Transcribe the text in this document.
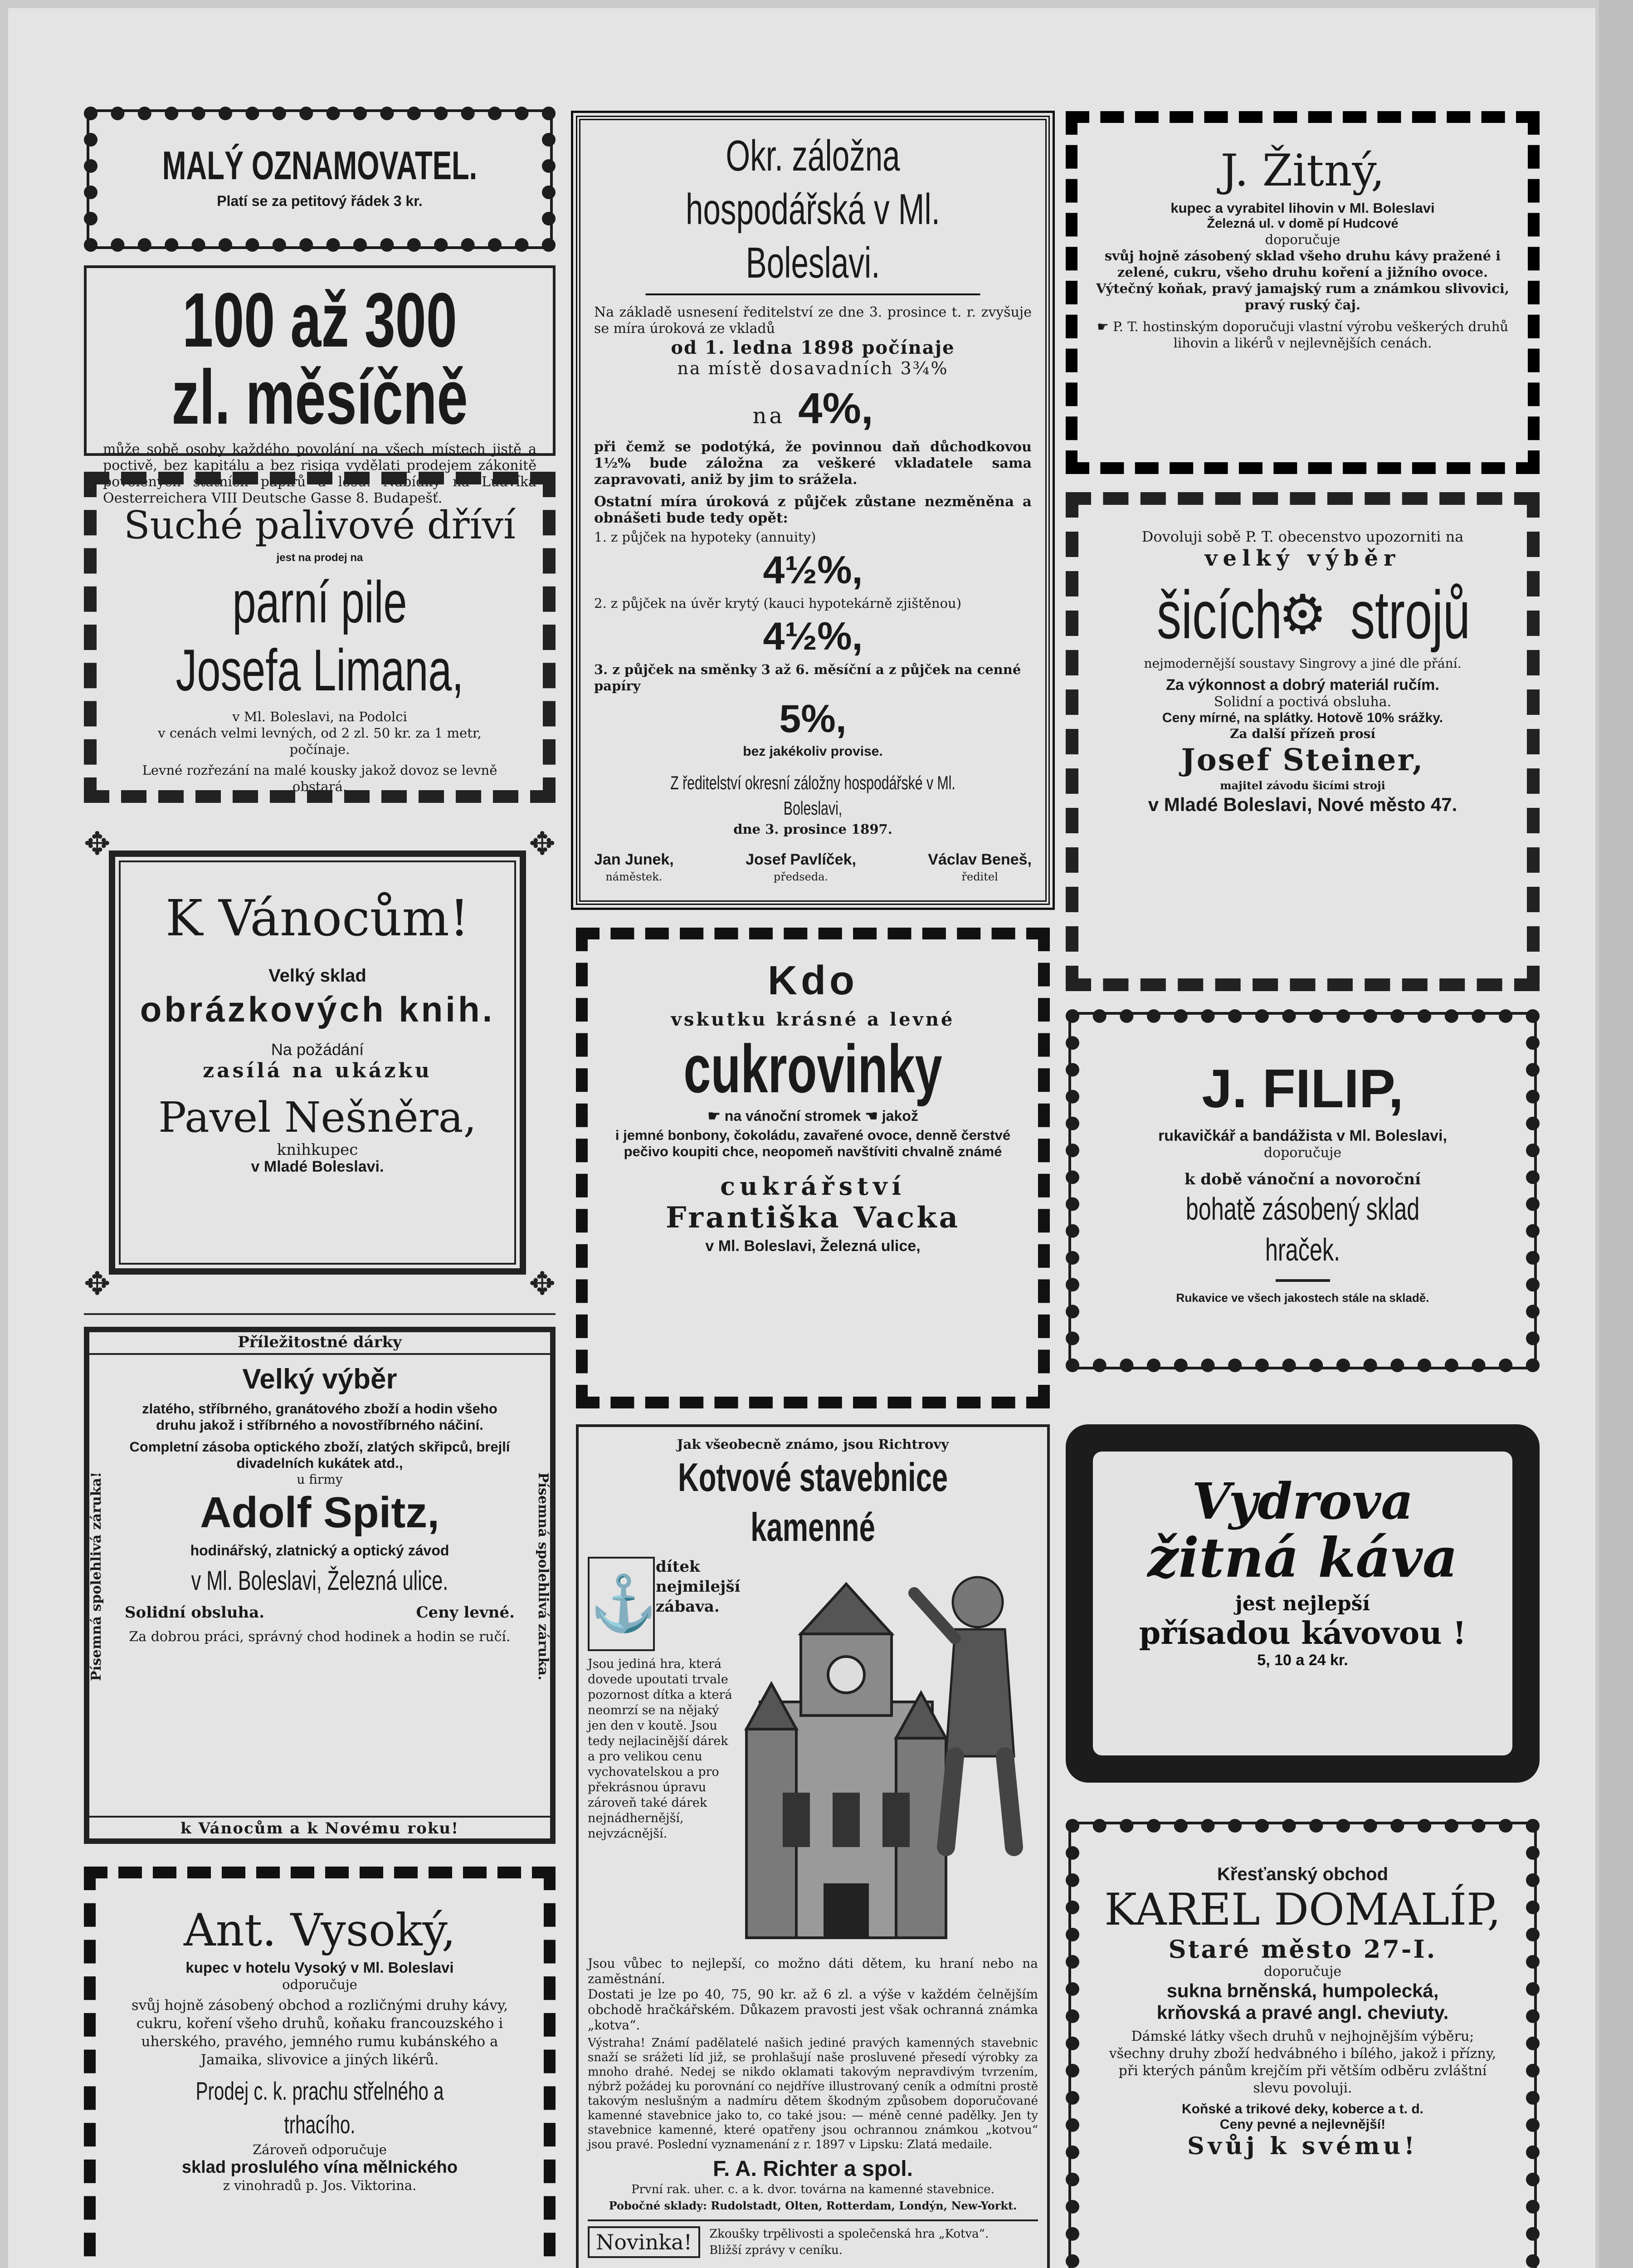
MALÝ OZNAMOVATEL.
Platí se za petitový řádek 3 kr.
100 až 300 zl. měsíčně

může sobě osoby každého povolání na všech místech jistě a poctivě, bez kapitálu a bez risiga vydělati prodejem zákonitě povolených státních papírů a losů. Nabídky na Ludvíka Oesterreichera VIII Deutsche Gasse 8. Budapešť.

Suché palivové dříví
jest na prodej na
parní pile Josefa Limana,
v Ml. Boleslavi, na Podolci
v cenách velmi levných, od 2 zl. 50 kr. za 1 metr, počínaje.
Levné rozřezání na malé kousky jakož dovoz se levně obstará.
K Vánocům!
Velký sklad
obrázkových knih.
Na požádání
zasílá na ukázku
Pavel Nešněra,
knihkupec
v Mladé Boleslavi.
✥	✥
✥	✥
Příležitostné dárky
Písemná spolehlivá záruka!	Písemná spolehlivá záruka.
Velký výběr

zlatého, stříbrného, granátového zboží a hodin všeho druhu jakož i stříbrného a novostříbrného náčiní.

Completní zásoba optického zboží, zlatých skřipců, brejlí divadelních kukátek atd.,

u firmy
Adolf Spitz,
hodinářský, zlatnický a optický závod
v Ml. Boleslavi, Železná ulice.
Solidní obsluha.	Ceny levné.

Za dobrou práci, správný chod hodinek a hodin se ručí.

k Vánocům a k Novému roku!
Ant. Vysoký,
kupec v hotelu Vysoký v Ml. Boleslavi
odporučuje

svůj hojně zásobený obchod a rozličnými druhy kávy, cukru, koření všeho druhů, koňaku francouzského i uherského, pravého, jemného rumu kubánského a Jamaika, slivovice a jiných likérů.

Prodej c. k. prachu střelného a trhacího.
Zároveň odporučuje
sklad proslulého vína mělnického
z vinohradů p. Jos. Viktorina.
Okr. záložna hospodářská v Ml. Boleslavi.

Na základě usnesení ředitelství ze dne 3. prosince t. r. zvyšuje se míra úroková ze vkladů

od 1. ledna 1898 počínaje
na místě dosavadních 3¾%
na 4%,

při čemž se podotýká, že povinnou daň důchodkovou 1½% bude záložna za veškeré vkladatele sama zapravovati, aniž by jim to srážela.

Ostatní míra úroková z půjček zůstane nezměněna a obnášeti bude tedy opět:

1. z půjček na hypoteky (annuity)
4½%,
2. z půjček na úvěr krytý (kauci hypotekárně zjištěnou)
4½%,
3. z půjček na směnky 3 až 6. měsíční a z půjček na cenné papíry
5%,
bez jakékoliv provise.
Z ředitelství okresní záložny hospodářské v Ml. Boleslavi,
dne 3. prosince 1897.
Jan Junek,
náměstek.
Josef Pavlíček,
předseda.
Václav Beneš,
ředitel
Kdo
vskutku krásné a levné
cukrovinky
☛ na vánoční stromek ☚ jakož

i jemné bonbony, čokoládu, zavařené ovoce, denně čerstvé pečivo koupiti chce, neopomeň navštíviti chvalně známé

cukrářství
Františka Vacka
v Ml. Boleslavi, Železná ulice,
Jak všeobecně známo, jsou Richtrovy
Kotvové stavebnice kamenné
⚓
dítek nejmilejší zábava.

Jsou jediná hra, která dovede upoutati trvale pozornost dítka a která neomrzí se na nějaký jen den v koutě. Jsou tedy nejlacinější dárek a pro velikou cenu vychovatelskou a pro překrásnou úpravu zároveň také dárek nejnádhernější, nejvzácnější.

Jsou vůbec to nejlepší, co možno dáti dětem, ku hraní nebo na zaměstnání.

Dostati je lze po 40, 75, 90 kr. až 6 zl. a výše v každém čelnějším obchodě hračkářském. Důkazem pravosti jest však ochranná známka „kotva“.

Výstraha! Známí padělatelé našich jediné pravých kamenných stavebnic snaží se srážeti líd již, se prohlašují naše prosluvené přesedí výrobky za mnoho drahé. Nedej se nikdo oklamati takovým nepravdivým tvrzením, nýbrž požádej ku porovnání co nejdříve illustrovaný ceník a odmítni prostě takovým neslušným a nadmíru dětem škodným způsobem doporučované kamenné stavebnice jako to, co také jsou: — méně cenné padělky. Jen ty stavebnice kamenné, které opatřeny jsou ochrannou známkou „kotvou“ jsou pravé. Poslední vyznamenání z r. 1897 v Lipsku: Zlatá medaile.

F. A. Richter a spol.
První rak. uher. c. a k. dvor. továrna na kamenné stavebnice.
Pobočné sklady: Rudolstadt, Olten, Rotterdam, Londýn, New-Yorkt.
Novinka!	Zkoušky trpělivosti a společenská hra „Kotva“.
Bližší zprávy v ceníku.
J. Žitný,
kupec a vyrabitel lihovin v Ml. Boleslavi
Železná ul. v domě pí Hudcové
doporučuje

svůj hojně zásobený sklad všeho druhu kávy pražené i zelené, cukru, všeho druhu koření a jižního ovoce. Výtečný koňak, pravý jamajský rum a známkou slivovici, pravý ruský čaj.

☛ P. T. hostinským doporučuji vlastní výrobu veškerých druhů lihovin a likérů v nejlevnějších cenách.

Dovoluji sobě P. T. obecenstvo upozorniti na

velký výběr
šicích
⚙ strojů
nejmodernější soustavy Singrovy a jiné dle přání.
Za výkonnost a dobrý materiál ručím.
Solidní a poctivá obsluha.
Ceny mírné, na splátky. Hotově 10% srážky.
Za další přízeň prosí
Josef Steiner,
majitel závodu šicími stroji
v Mladé Boleslavi, Nové město 47.
J. FILIP,
rukavičkář a bandážista v Ml. Boleslavi,
doporučuje
k době vánoční a novoroční
bohatě zásobený sklad hraček.
Rukavice ve všech jakostech stále na skladě.
Vydrova
žitná káva
jest nejlepší
přísadou kávovou !
5, 10 a 24 kr.
Křesťanský obchod
KAREL DOMALÍP,
Staré město 27-I.
doporučuje
sukna brněnská, humpolecká,
krňovská a pravé angl. cheviuty.

Dámské látky všech druhů v nejhojnějším výběru; všechny druhy zboží hedvábného i bílého, jakož i přízny, při kterých pánům krejčím při větším odběru zvláštní slevu povoluji.

Koňské a trikové deky, koberce a t. d.
Ceny pevné a nejlevnější!
Svůj k svému!
